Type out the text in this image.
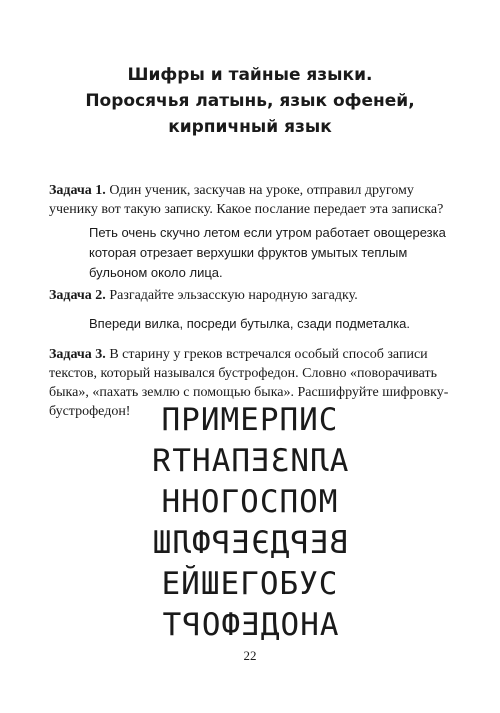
Шифры и тайные языки.
Поросячья латынь, язык офеней,
кирпичный язык
Задача 1. Один ученик, заскучав на уроке, отправил другому ученику вот такую записку. Какое послание передает эта записка?
Петь очень скучно летом если утром работает овощерезка которая отрезает верхушки фруктов умытых теплым бульоном около лица.
Задача 2. Разгадайте эльзасскую народную загадку.
Впереди вилка, посреди бутылка, сзади подметалка.
Задача 3. В старину у греков встречался особый способ записи текстов, который назывался бустрофедон. Словно «поворачивать быка», «пахать землю с помощью быка». Расшифруйте шифровку-бустрофедон!	ПРИМЕРПИС
АЛИЗЕПАНТЯ
ННОГОСПОМ
ВЕРДЭЕРФЛШ
ЕЙШЕГОБУС
АНОДЕФОРТ
22
